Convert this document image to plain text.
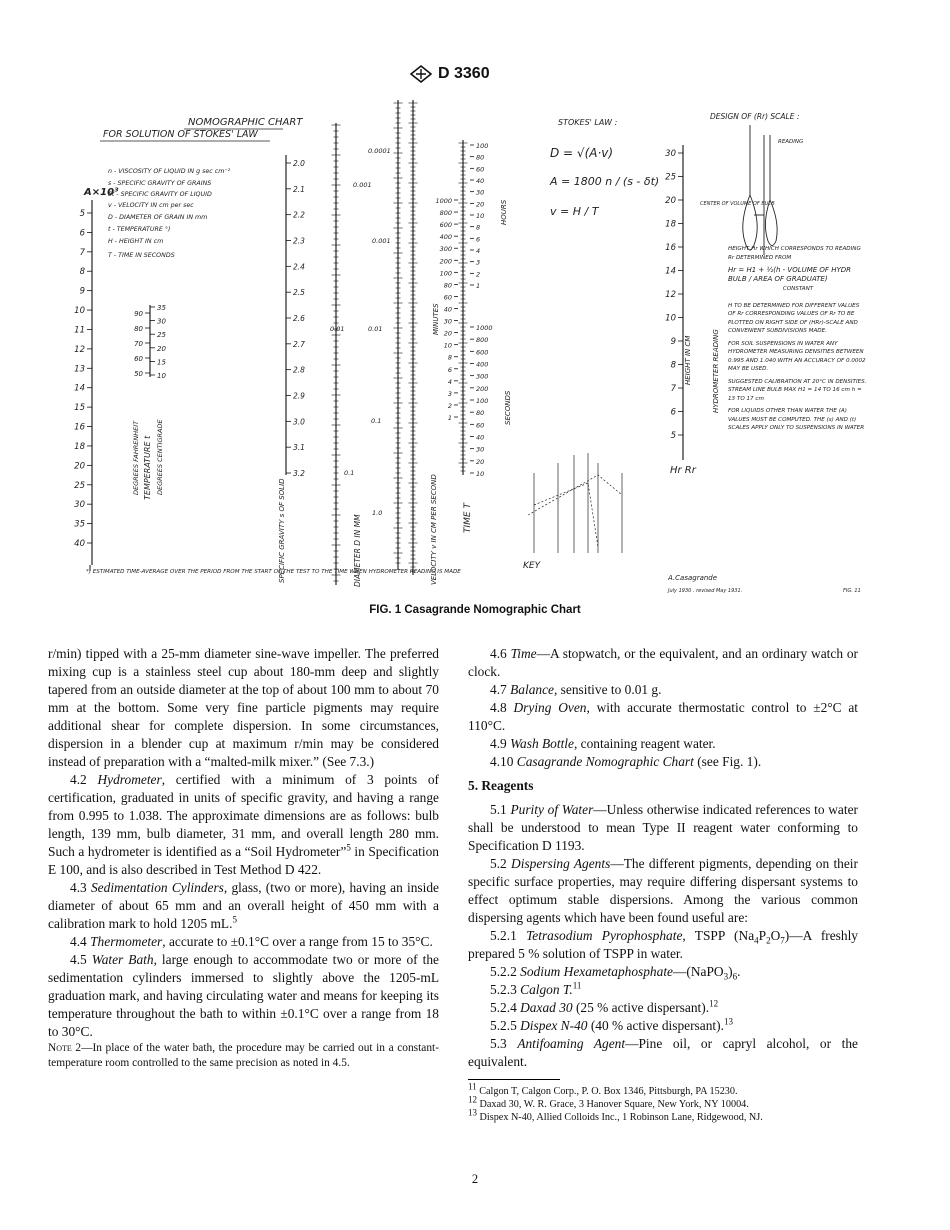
D 3360
NOMOGRAPHIC CHART
FOR SOLUTION OF STOKES' LAW
n - VISCOSITY OF LIQUID IN g sec cm⁻²
s - SPECIFIC GRAVITY OF GRAINS
δt - SPECIFIC GRAVITY OF LIQUID
v - VELOCITY IN cm per sec
D - DIAMETER OF GRAIN IN mm
t - TEMPERATURE °)
H - HEIGHT IN cm
T - TIME IN SECONDS
A×10³
5
6
7
8
9
10
11
12
13
14
15
16
18
20
25
30
35
40
90
80
70
60
50
35
30
25
20
15
10
DEGREES FAHRENHEIT TEMPERATURE t DEGREES CENTIGRADE
*) ESTIMATED TIME-AVERAGE OVER THE PERIOD FROM THE START OF THE TEST TO THE TIME WHEN HYDROMETER READING IS MADE
2.0
2.1
2.2
2.3
2.4
2.5
2.6
2.7
2.8
2.9
3.0
3.1
3.2
SPECIFIC GRAVITY s OF SOLID
0.0001
0.001
0.001
0.01	0.01
0.1
0.1
1.0
DIAMETER D IN MM	VELOCITY v IN CM PER SECOND
100
80
60
40
30
20
10
8
6
4
3
2
1
1000
800
600
400
300
200
100
80
60
40
30
20
10
8
6
4
3
2
1
1000
800
600
400
300
200
100
80
60
40
30
20
10
HOURS
MINUTES
SECONDS
TIME T
STOKES' LAW :
D = √(A·v)
A = 1800 n / (s - δt)
v = H / T
KEY
DESIGN OF (Rr) SCALE :
30
25
20
18
16
14
12
10
9
8
7
6
5
HEIGHT IN CM	HYDROMETER READING
Hr Rr
READING
CENTER OF VOLUME OF BULB
HEIGHT Hr WHICH CORRESPONDS TO READING Rr DETERMINED FROM
Hr = H1 + ½(h - VOLUME OF HYDR BULB / AREA OF GRADUATE)
CONSTANT
H TO BE DETERMINED FOR DIFFERENT VALUES OF Rr CORRESPONDING VALUES OF Rr TO BE PLOTTED ON RIGHT SIDE OF (HRr)-SCALE AND CONVENIENT SUBDIVISIONS MADE.
FOR SOIL SUSPENSIONS IN WATER ANY HYDROMETER MEASURING DENSITIES BETWEEN 0.995 AND 1.040 WITH AN ACCURACY OF 0.0002 MAY BE USED.
SUGGESTED CALIBRATION AT 20°C IN DENSITIES. STREAM LINE BULB MAX H1 = 14 TO 16 cm h = 13 TO 17 cm
FOR LIQUIDS OTHER THAN WATER THE (A) VALUES MUST BE COMPUTED. THE (s) AND (t) SCALES APPLY ONLY TO SUSPENSIONS IN WATER
A.Casagrande
July 1930 . revised May 1931.	FIG. 11
FIG. 1 Casagrande Nomographic Chart

r/min) tipped with a 25-mm diameter sine-wave impeller. The preferred mixing cup is a stainless steel cup about 180-mm deep and slightly tapered from an outside diameter at the top of about 100 mm to about 70 mm at the bottom. Some very fine particle pigments may require additional shear for complete dispersion. In some circumstances, dispersion in a blender cup at maximum r/min may be considered instead of preparation with a “malted-milk mixer.” (See 7.3.)

4.2 Hydrometer, certified with a minimum of 3 points of certification, graduated in units of specific gravity, and having a range from 0.995 to 1.038. The approximate dimensions are as follows: bulb length, 139 mm, bulb diameter, 31 mm, and overall length 280 mm. Such a hydrometer is identified as a “Soil Hydrometer”$^5$ in Specification E 100, and is also described in Test Method D 422.

4.3 Sedimentation Cylinders, glass, (two or more), having an inside diameter of about 65 mm and an overall height of 450 mm with a calibration mark to hold 1205 mL.$^5$

4.4 Thermometer, accurate to ±0.1°C over a range from 15 to 35°C.

4.5 Water Bath, large enough to accommodate two or more of the sedimentation cylinders immersed to slightly above the 1205-mL graduation mark, and having circulating water and means for keeping its temperature throughout the bath to within ±0.1°C over a range from 18 to 30°C.

Note 2—In place of the water bath, the procedure may be carried out in a constant-temperature room controlled to the same precision as noted in 4.5.

4.6 Time—A stopwatch, or the equivalent, and an ordinary watch or clock.

4.7 Balance, sensitive to 0.01 g.

4.8 Drying Oven, with accurate thermostatic control to ±2°C at 110°C.

4.9 Wash Bottle, containing reagent water.

4.10 Casagrande Nomographic Chart (see Fig. 1).

5. Reagents

5.1 Purity of Water—Unless otherwise indicated references to water shall be understood to mean Type II reagent water conforming to Specification D 1193.

5.2 Dispersing Agents—The different pigments, depending on their specific surface properties, may require differing dispersant systems to effect optimum stable dispersions. Among the various common dispersing agents which have been found useful are:

5.2.1 Tetrasodium Pyrophosphate, TSPP $(Na_4P_2O_7)—A$ freshly prepared 5 % solution of TSPP in water.

5.2.2 Sodium $Hexametaphosphate—(NaPO_3)_6$.

5.2.3 Calgon T.$^{11}$

5.2.4 Daxad 30 (25 % active dispersant).$^{12}$

5.2.5 Dispex N-40 (40 % active dispersant).$^{13}$

5.3 Antifoaming Agent—Pine oil, or capryl alcohol, or the equivalent.

$^{11}$ Calgon T, Calgon Corp., P. O. Box 1346, Pittsburgh, PA 15230.

$^{12}$ Daxad 30, W. R. Grace, 3 Hanover Square, New York, NY 10004.

$^{13}$ Dispex N-40, Allied Colloids Inc., 1 Robinson Lane, Ridgewood, NJ.

2
